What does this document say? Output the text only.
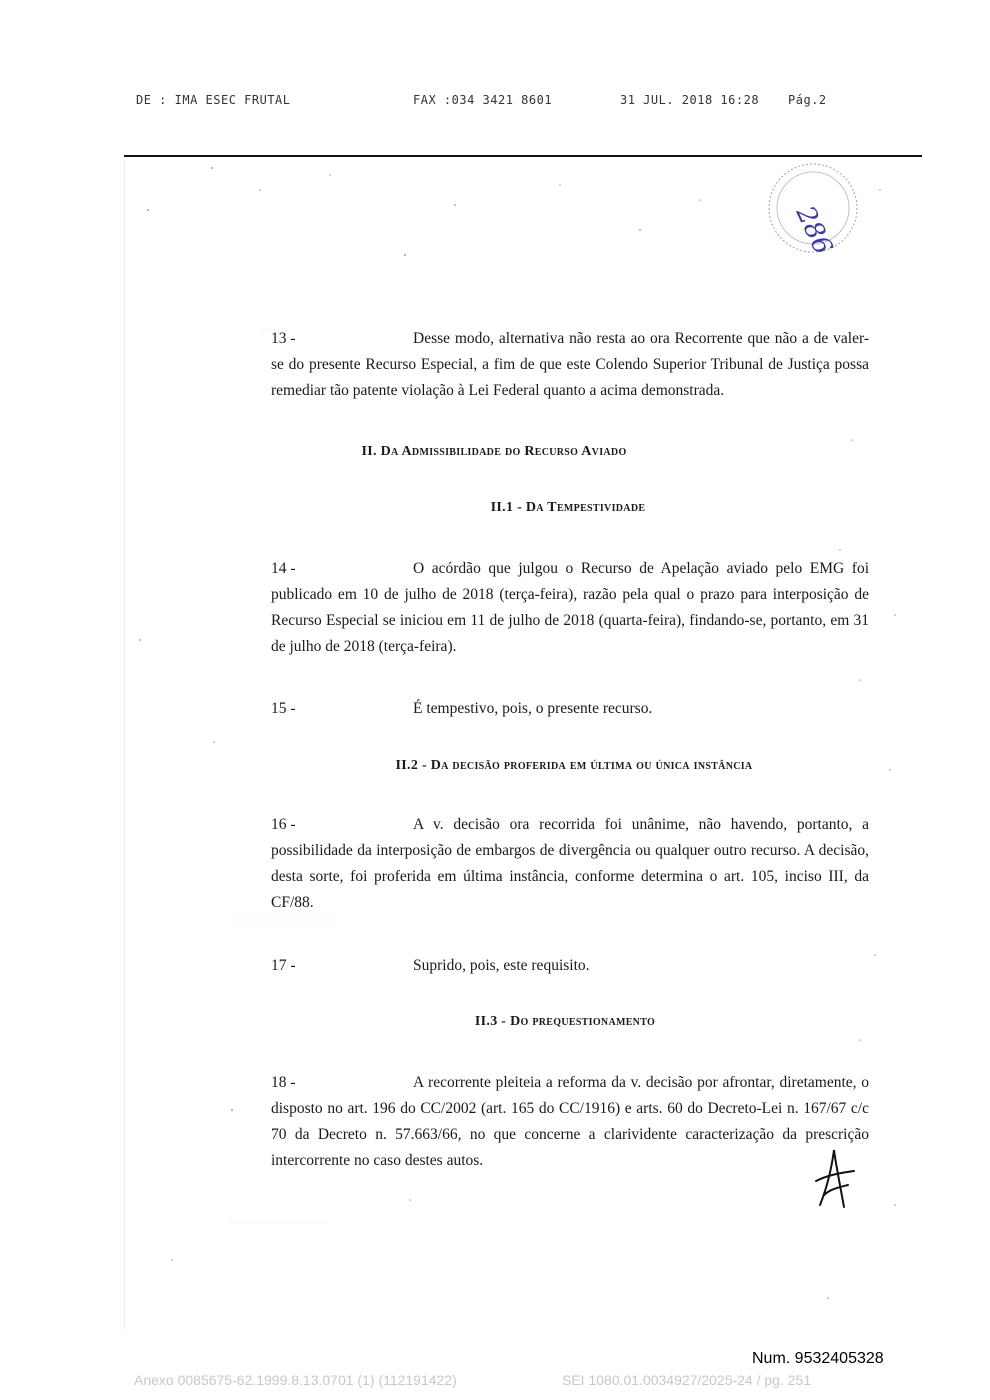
DE : IMA ESEC FRUTAL	FAX :034 3421 8601	31 JUL. 2018 16:28 Pág.2
286
13 -	Desse modo, alternativa não resta ao ora Recorrente que não a de valer-se do presente Recurso Especial, a fim de que este Colendo Superior Tribunal de Justiça possa remediar tão patente violação à Lei Federal quanto a acima demonstrada.
II. Da Admissibilidade do Recurso Aviado
II.1 - Da Tempestividade
14 -	O acórdão que julgou o Recurso de Apelação aviado pelo EMG foi publicado em 10 de julho de 2018 (terça-feira), razão pela qual o prazo para interposição de Recurso Especial se iniciou em 11 de julho de 2018 (quarta-feira), findando-se, portanto, em 31 de julho de 2018 (terça-feira).
15 -	É tempestivo, pois, o presente recurso.
II.2 - Da decisão proferida em última ou única instância
16 -	A v. decisão ora recorrida foi unânime, não havendo, portanto, a possibilidade da interposição de embargos de divergência ou qualquer outro recurso. A decisão, desta sorte, foi proferida em última instância, conforme determina o art. 105, inciso III, da CF/88.
17 -	Suprido, pois, este requisito.
II.3 - Do prequestionamento
18 -	A recorrente pleiteia a reforma da v. decisão por afrontar, diretamente, o disposto no art. 196 do CC/2002 (art. 165 do CC/1916) e arts. 60 do Decreto-Lei n. 167/67 c/c 70 da Decreto n. 57.663/66, no que concerne a clarividente caracterização da prescrição intercorrente no caso destes autos.
Num. 9532405328
Anexo 0085675-62.1999.8.13.0701 (1) (112191422)	SEI 1080.01.0034927/2025-24 / pg. 251
